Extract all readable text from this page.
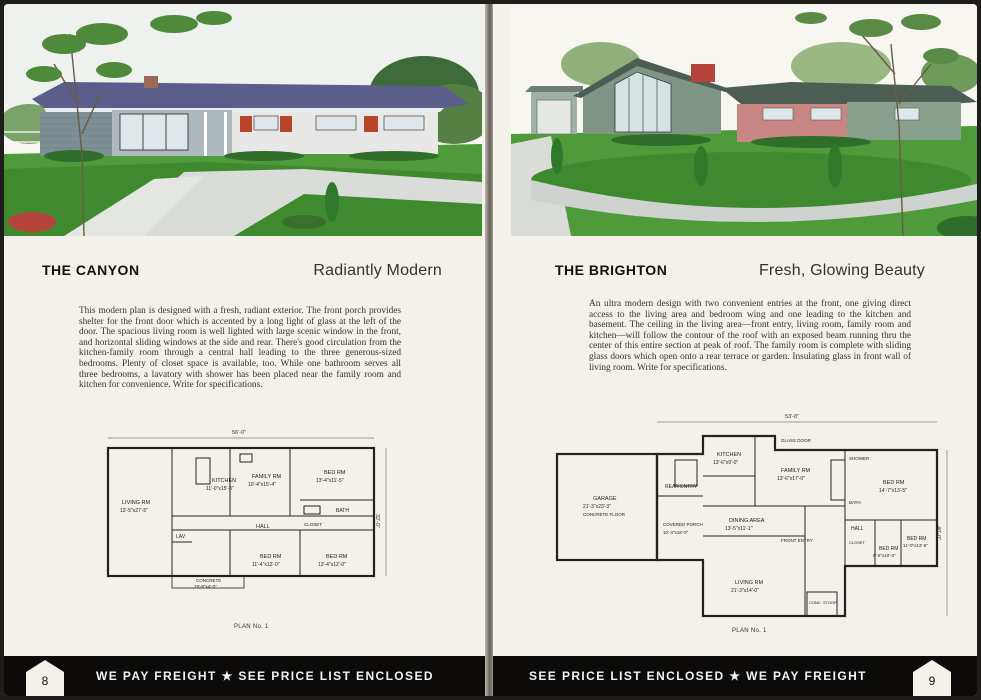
THE CANYON	Radiantly Modern

This modern plan is designed with a fresh, radiant exterior. The front porch provides shelter for the front door which is accented by a long light of glass at the left of the door. The spacious living room is well lighted with large scenic window in the front, and horizontal sliding windows at the side and rear. There's good circulation from the kitchen-family room through a central hall leading to the three generous-sized bedrooms. Plenty of closet space is available, too. While one bathroom serves all three bedrooms, a lavatory with shower has been placed near the family room and kitchen for convenience. Write for specifications.

56'-0"
32'-0"
LIVING RM
13'-5"x27'-5"
KITCHEN
11'-0"x15'-3"
FAMILY RM
10'-4"x15'-4"
BED RM
13'-4"x11'-5"
HALL
BATH
LAV
CLOSET
BED RM
11'-4"x12'-0"
BED RM
13'-4"x12'-0"
CONCRETE
19'-8"x4'-0"
PLAN No. 1
8	WE PAY FREIGHT ★ SEE PRICE LIST ENCLOSED
THE BRIGHTON	Fresh, Glowing Beauty

An ultra modern design with two convenient entries at the front, one giving direct access to the living area and bedroom wing and one leading to the kitchen and basement. The ceiling in the living area—front entry, living room, family room and kitchen—will follow the contour of the roof with an exposed beam running thru the center of this entire section at peak of roof. The family room is complete with sliding glass doors which open onto a rear terrace or garden. Insulating glass in front wall of living room. Write for specifications.

53'-8"
40'-0"
GARAGE
21'-3"x23'-3"
CONCRETE FLOOR
KITCHEN
13'-6"x9'-0"
FAMILY RM
13'-6"x17'-0"
GLASS DOOR
REAR ENTRY
DINING AREA
13'-5"x11'-1"
COVERED PORCH
10'-4"x18'-0"
FRONT ENTRY
LIVING RM
21'-3"x14'-0"
CONC. STOOP
BED RM
14'-7"x13'-5"
SHOWER
BATH
HALL
BED RM
9'-5"x10'-0"
CLOSET
BED RM
11'-0"x13'-5"
PLAN No. 1
SEE PRICE LIST ENCLOSED ★ WE PAY FREIGHT	9
